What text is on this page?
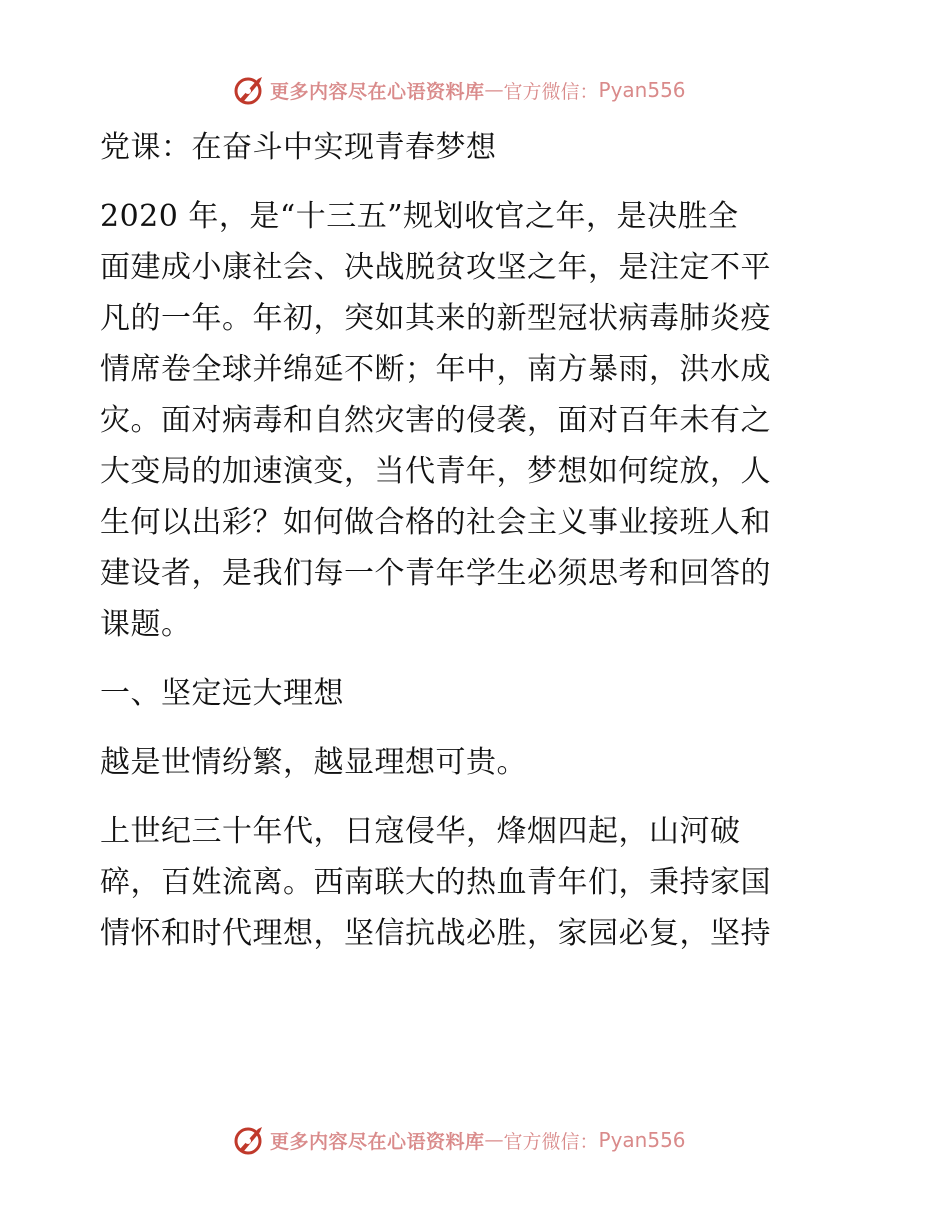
更多内容尽在心语资料库 — 官方微信： Pyan556

党课：在奋斗中实现青春梦想

2020 年，是“十三五”规划收官之年，是决胜全

面建成小康社会、决战脱贫攻坚之年，是注定不平

凡的一年。年初，突如其来的新型冠状病毒肺炎疫

情席卷全球并绵延不断；年中，南方暴雨，洪水成

灾。面对病毒和自然灾害的侵袭，面对百年未有之

大变局的加速演变，当代青年，梦想如何绽放，人

生何以出彩？如何做合格的社会主义事业接班人和

建设者，是我们每一个青年学生必须思考和回答的

课题。

一、坚定远大理想

越是世情纷繁，越显理想可贵。

上世纪三十年代，日寇侵华，烽烟四起，山河破

碎，百姓流离。西南联大的热血青年们，秉持家国

情怀和时代理想，坚信抗战必胜，家园必复，坚持

更多内容尽在心语资料库 — 官方微信： Pyan556
